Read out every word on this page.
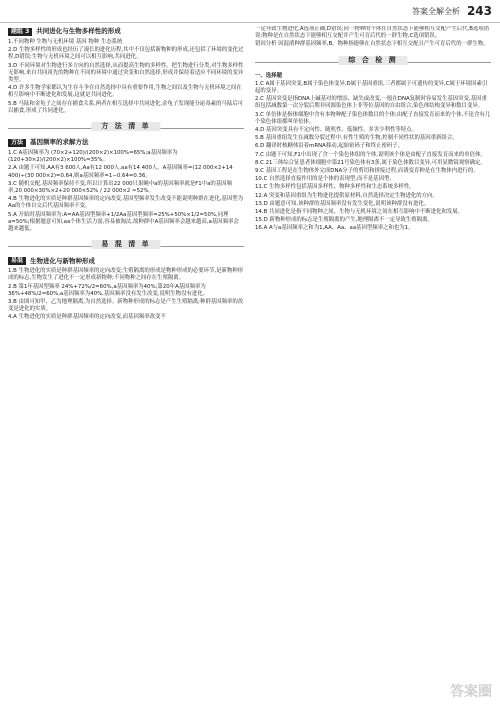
答案全解全析 243
题组 3	共同进化与生物多样性的形成

1.不同物种 生物与无机环境 基因 物种 生态系统

2.D 生物多样性的形成也经历了漫长的进化历程,其中不仅包括新物种的形成,还包括了环境的变化过程,D错误;生物与无机环境之间可以相互影响,共同进化。

3.D 不同环境对生物进行多方向的自然选择,从而提高生物的多样性。把生物进行分类,对生物多样性无影响,来自共同祖先的物种在不同的环境中通过突变和自然选择,形成并保持着适应不同环境的变异类型。

4.D 许多生物学家都认为生存斗争在自然选择中具有重要作用,生物之间以及生物与无机环境之间在相互影响中不断进化和发展,这就是共同进化。

5.B 马陆和金龟子之间存在捕食关系,两者在相互选择中共同进化,金龟子发现能分泌毒素的马陆后可以捕食,形成了共同进化。

方 法 清 单
方法	基因频率的求解方法

1.C A基因频率为 (70×2+120)/(200×2)×100%=65%;a基因频率为 (120+30×2)/(200×2)×100%=35%。

2.A 由题干可知,AA有3 600人,Aa有12 000人,aa有14 400人。A基因频率=(12 000×2+14 400)÷(30 000×2)=0.64,则a基因频率=1−0.64=0.36。

3.C 随机交配,基因频率保持不变,所以计算出22 000只果蝇中a的基因频率就是F1中a的基因频率,20 000×30%×2+20 000×52% / 22 000×2 ≈52%。

4.B 生物进化的实质是种群基因频率的定向改变,基因型频率发生改变不能说明种群在进化,基因型为Aa的个体自交后代基因频率不变。

5.A 开始时基因频率为:A=AA基因型频率+1/2Aa基因型频率=25%+50%×1/2=50%,同理a=50%;根据题意可知,aa个体生活力弱,容易被淘汰,故种群中A基因频率会越来越高,a基因频率会越来越低。

易 混 清 单
易混	生物进化与新物种形成

1.B 生物进化的实质是种群基因频率的定向改变;生殖隔离的形成是物种形成的必要环节,是新物种形成的标志,生物发生了进化不一定形成新物种;不同物种之间存在生殖隔离。

2.B 第1年基因型频率 24%+72%/2=60%,a基因频率为40%;第20年A基因频率为 36%+48%/2=60%,a基因频率为40%,基因频率没有发生改变,说明生物没有进化。

3.B 由图可知甲、乙为地理隔离,为自然选择。新物种形成的标志是产生生殖隔离;种群基因频率的改变是进化的实质。

4.A 生物进化的实质是种群基因频率的定向改变,而基因频率改变不

一定导致生物进化,A选项正确,D错误;同一物种的个体在自然状态下能够相互交配产生后代,B选项错误;物种是在自然状态下能够相互交配并产生可育后代的一群生物,C选项错误。

错因分析 因混淆种群基因频率,B。物种指能够在自然状态下相互交配且产生可育后代的一群生物。

综 合 检 测

一、选择题

1.C A属于基因突变,B属于染色体变异,D属于基因重组,三者都属于可遗传的变异,C属于环境因素引起的变异。

2.C 基因突变是指DNA上碱基对的增添、缺失或改变,一般在DNA复制时容易发生基因突变,基因重组包括减数第一次分裂后期非同源染色体上非等位基因的自由组合,染色体结构变异和数目变异。

3.C 单倍体是指体细胞中含有本物种配子染色体数目的个体;由配子直接发育而来的个体,不论含有几个染色体组都叫单倍体。

4.D 基因突变具有不定向性、随机性、低频性、多害少利性等特点。

5.B 基因重组发生在减数分裂过程中,有性生殖的生物,控制不同性状的基因重新组合。

6.D 翻译时核糖体沿着mRNA移动,起始密码子和终止密码子。

7.C 由题干可知,F1中出现了含一个染色体组的个体,说明该个体是由配子直接发育而来的单倍体。

8.C 21三体综合征患者体细胞中第21号染色体有3条,属于染色体数目变异,可用显微镜观察确定。

9.C 基因工程是在生物体外完成DNA分子的剪切和拼接过程,而诱变育种是在生物体内进行的。

10.C 自然选择直接作用的是个体的表现型,而不是基因型。

11.C 生物多样性包括基因多样性、物种多样性和生态系统多样性。

12.A 突变和基因重组为生物进化提供原材料,自然选择决定生物进化的方向。

13.D 由题意可知,该种群的基因频率没有发生变化,说明该种群没有进化。

14.B 共同进化是指不同物种之间、生物与无机环境之间在相互影响中不断进化和发展。

15.D 新物种形成的标志是生殖隔离的产生,地理隔离不一定导致生殖隔离。

16.A A与a基因频率之和为1,AA、Aa、aa基因型频率之和也为1。

答案圈
